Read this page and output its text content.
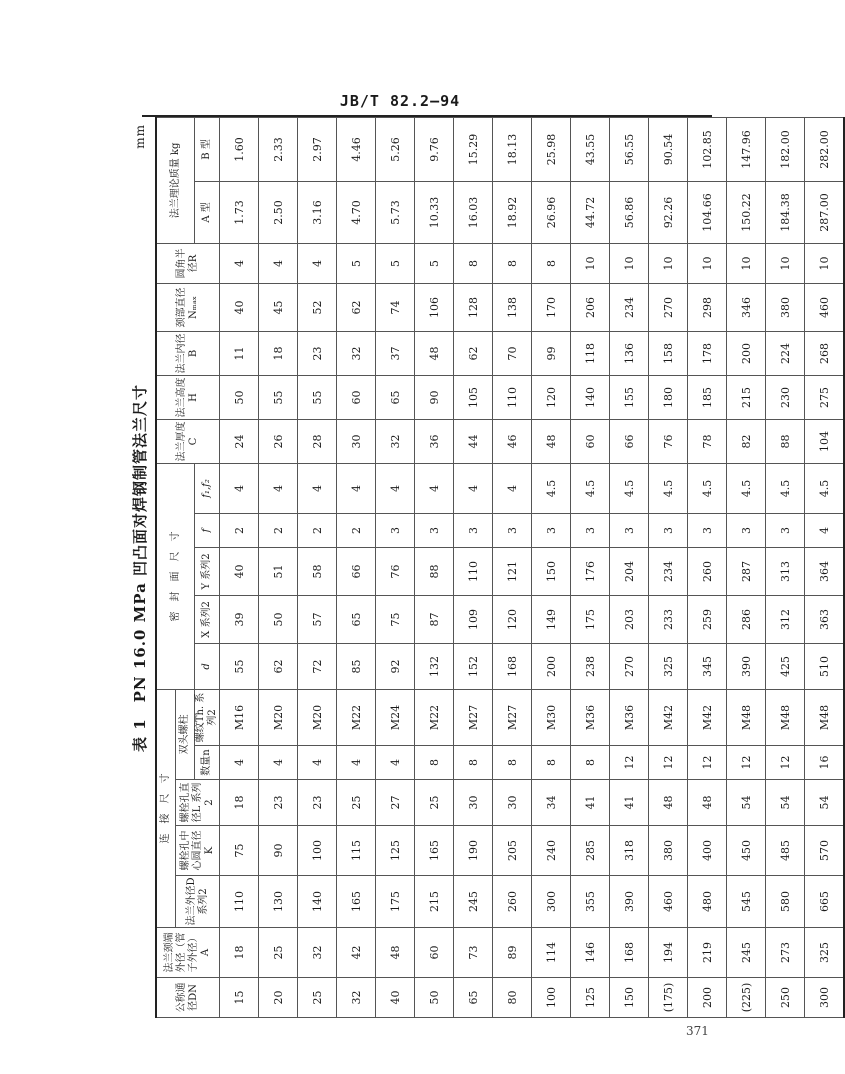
JB/T 82.2—94
表 1　PN 16.0 MPa 凹凸面对焊钢制管法兰尺寸
mm
公称通径DN	法兰颈端外径（管子外径）A	连　接　尺　寸					密　封　面　尺　寸					法兰厚度C	法兰高度H	法兰内径B	颈部直径Nₘₐₓ	圆角半径R	法兰理论质量 kg	
		法兰外径D 系列2	螺栓孔中心圆直径K	螺栓孔直径L 系列2	双头螺柱													
					数量n	螺纹Th. 系列2	d	X 系列2	Y 系列2	f	f₁,f₂						A 型	B 型
15	18	110	75	18	4	M16	55	39	40	2	4	24	50	11	40	4	1.73	1.60
20	25	130	90	23	4	M20	62	50	51	2	4	26	55	18	45	4	2.50	2.33
25	32	140	100	23	4	M20	72	57	58	2	4	28	55	23	52	4	3.16	2.97
32	42	165	115	25	4	M22	85	65	66	2	4	30	60	32	62	5	4.70	4.46
40	48	175	125	27	4	M24	92	75	76	3	4	32	65	37	74	5	5.73	5.26
50	60	215	165	25	8	M22	132	87	88	3	4	36	90	48	106	5	10.33	9.76
65	73	245	190	30	8	M27	152	109	110	3	4	44	105	62	128	8	16.03	15.29
80	89	260	205	30	8	M27	168	120	121	3	4	46	110	70	138	8	18.92	18.13
100	114	300	240	34	8	M30	200	149	150	3	4.5	48	120	99	170	8	26.96	25.98
125	146	355	285	41	8	M36	238	175	176	3	4.5	60	140	118	206	10	44.72	43.55
150	168	390	318	41	12	M36	270	203	204	3	4.5	66	155	136	234	10	56.86	56.55
(175)	194	460	380	48	12	M42	325	233	234	3	4.5	76	180	158	270	10	92.26	90.54
200	219	480	400	48	12	M42	345	259	260	3	4.5	78	185	178	298	10	104.66	102.85
(225)	245	545	450	54	12	M48	390	286	287	3	4.5	82	215	200	346	10	150.22	147.96
250	273	580	485	54	12	M48	425	312	313	3	4.5	88	230	224	380	10	184.38	182.00
300	325	665	570	54	16	M48	510	363	364	4	4.5	104	275	268	460	10	287.00	282.00
371
